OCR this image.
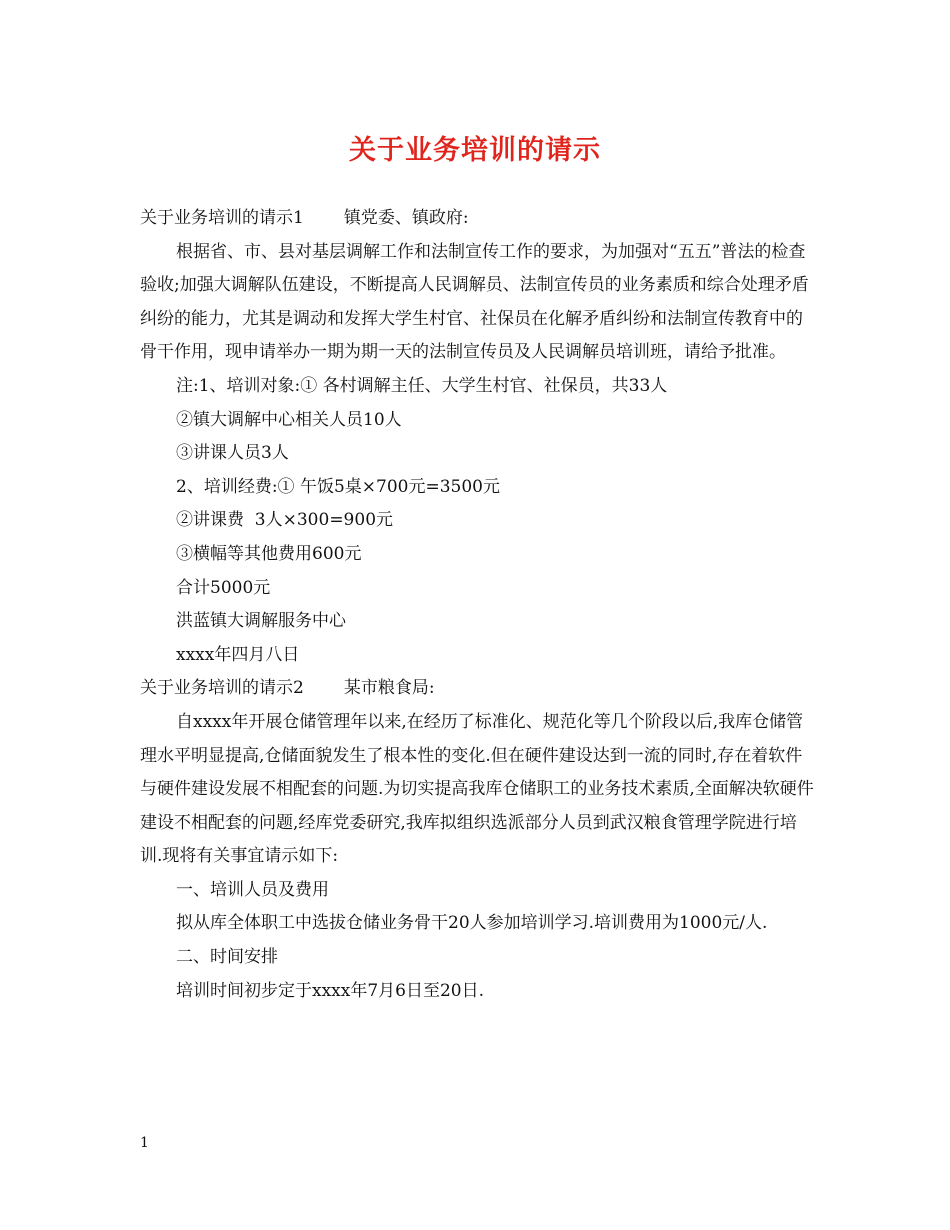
关于业务培训的请示

关于业务培训的请示1 镇党委、镇政府:

根据省、市、县对基层调解工作和法制宣传工作的要求，为加强对“五五”普法的检查验收;加强大调解队伍建设，不断提高人民调解员、法制宣传员的业务素质和综合处理矛盾纠纷的能力，尤其是调动和发挥大学生村官、社保员在化解矛盾纠纷和法制宣传教育中的骨干作用，现申请举办一期为期一天的法制宣传员及人民调解员培训班，请给予批准。

注:1、培训对象:① 各村调解主任、大学生村官、社保员，共33人

②镇大调解中心相关人员10人

③讲课人员3人

2、培训经费:① 午饭5桌×700元=3500元

②讲课费  3人×300=900元

③横幅等其他费用600元

合计5000元

洪蓝镇大调解服务中心

xxxx年四月八日

关于业务培训的请示2 某市粮食局:

自xxxx年开展仓储管理年以来,在经历了标准化、规范化等几个阶段以后,我库仓储管理水平明显提高,仓储面貌发生了根本性的变化.但在硬件建设达到一流的同时,存在着软件与硬件建设发展不相配套的问题.为切实提高我库仓储职工的业务技术素质,全面解决软硬件建设不相配套的问题,经库党委研究,我库拟组织选派部分人员到武汉粮食管理学院进行培训.现将有关事宜请示如下:

一、培训人员及费用

拟从库全体职工中选拔仓储业务骨干20人参加培训学习.培训费用为1000元/人.

二、时间安排

培训时间初步定于xxxx年7月6日至20日.

1
